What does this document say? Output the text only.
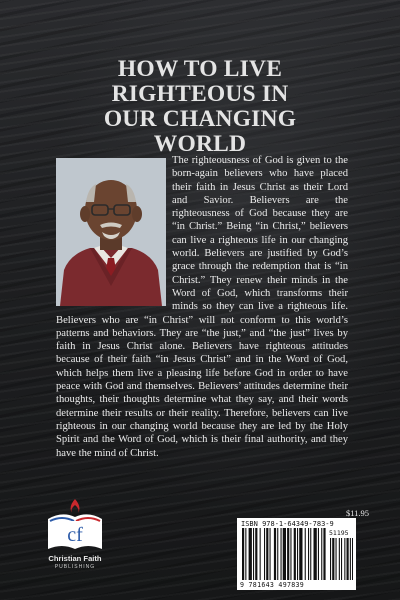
HOW TO LIVE
RIGHTEOUS IN
OUR CHANGING
WORLD

The righteousness of God is given to the born-again believers who have placed their faith in Jesus Christ as their Lord and Savior. Believers are the righteousness of God because they are “in Christ.” Being “in Christ,” believers can live a righteous life in our changing world. Believers are justified by God’s grace through the redemption that is “in Christ.” They renew their minds in the Word of God, which transforms their minds so they can live a righteous life. Believers who are “in Christ” will not conform to this world’s patterns and behaviors. They are “the just,” and “the just” lives by faith in Jesus Christ alone. Believers have righteous attitudes because of their faith “in Jesus Christ” and in the Word of God, which helps them live a pleasing life before God in order to have peace with God and themselves. Believers’ attitudes determine their thoughts, their thoughts determine what they say, and their words determine their results or their reality. Therefore, believers can live righteous in our changing world because they are led by the Holy Spirit and the Word of God, which is their final authority, and they have the mind of Christ.

$11.95
ISBN 978-1-64349-783-9
51195
9 781643 497839
cf
Christian Faith
PUBLISHING
